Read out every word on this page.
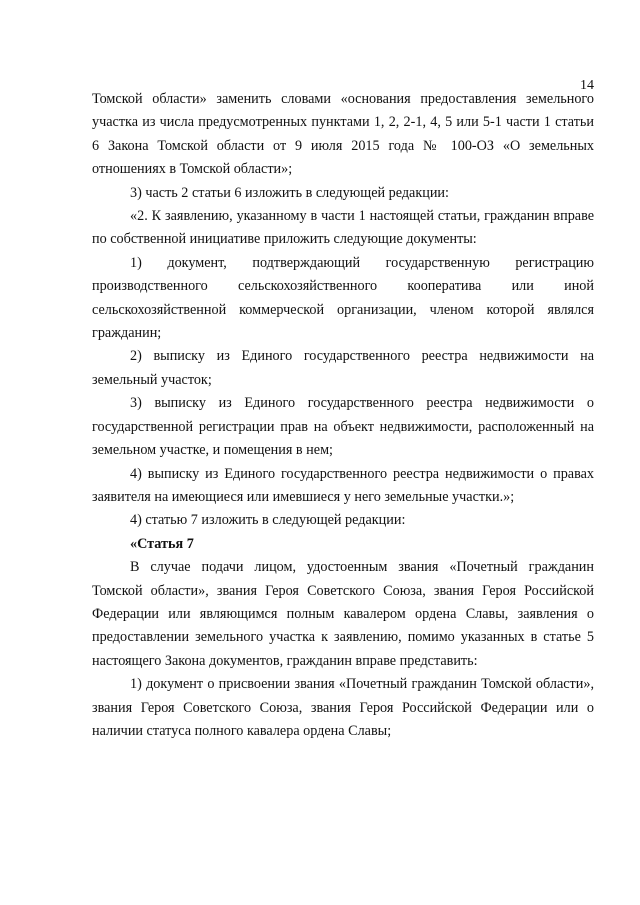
14

Томской области» заменить словами «основания предоставления земельного участка из числа предусмотренных пунктами 1, 2, 2-1, 4, 5 или 5-1 части 1 статьи 6 Закона Томской области от 9 июля 2015 года № 100-ОЗ «О земельных отношениях в Томской области»;

3) часть 2 статьи 6 изложить в следующей редакции:

«2. К заявлению, указанному в части 1 настоящей статьи, гражданин вправе по собственной инициативе приложить следующие документы:

1) документ, подтверждающий государственную регистрацию производственного сельскохозяйственного кооператива или иной сельскохозяйственной коммерческой организации, членом которой являлся гражданин;

2) выписку из Единого государственного реестра недвижимости на земельный участок;

3) выписку из Единого государственного реестра недвижимости о государственной регистрации прав на объект недвижимости, расположенный на земельном участке, и помещения в нем;

4) выписку из Единого государственного реестра недвижимости о правах заявителя на имеющиеся или имевшиеся у него земельные участки.»;

4) статью 7 изложить в следующей редакции:

«Статья 7

В случае подачи лицом, удостоенным звания «Почетный гражданин Томской области», звания Героя Советского Союза, звания Героя Российской Федерации или являющимся полным кавалером ордена Славы, заявления о предоставлении земельного участка к заявлению, помимо указанных в статье 5 настоящего Закона документов, гражданин вправе представить:

1) документ о присвоении звания «Почетный гражданин Томской области», звания Героя Советского Союза, звания Героя Российской Федерации или о наличии статуса полного кавалера ордена Славы;
